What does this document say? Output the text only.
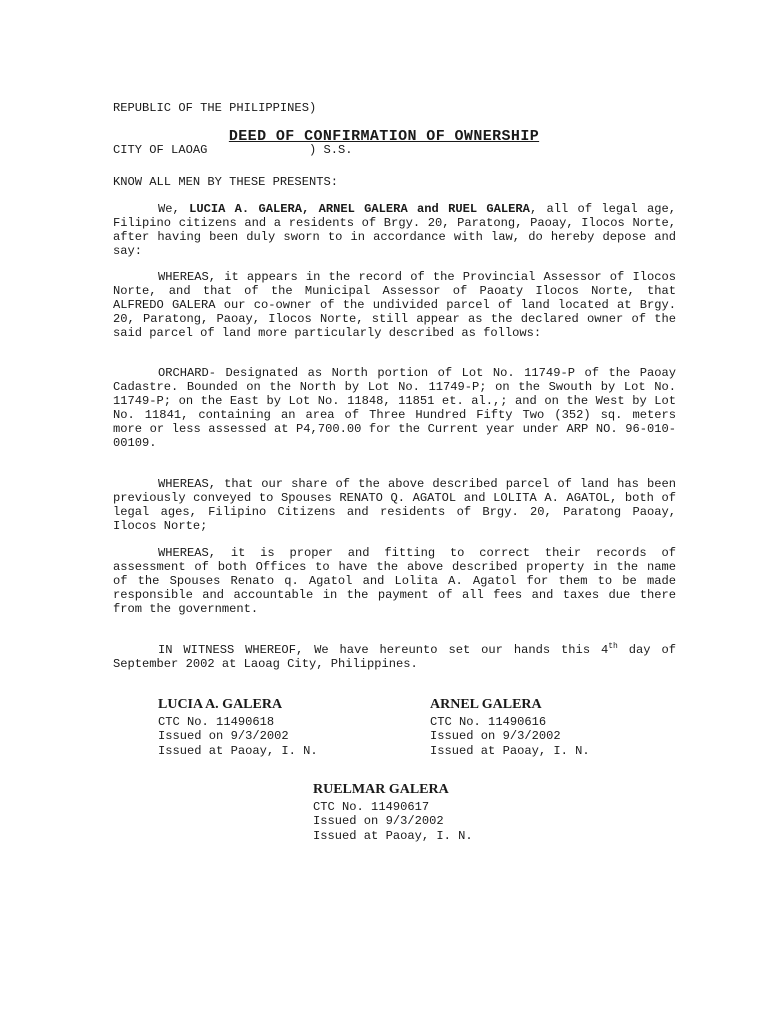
REPUBLIC OF THE PHILIPPINES)

CITY OF LAOAG              ) S.S.

DEED OF CONFIRMATION OF OWNERSHIP
KNOW ALL MEN BY THESE PRESENTS:

We, LUCIA A. GALERA, ARNEL GALERA and RUEL GALERA, all of legal age, Filipino citizens and a residents of Brgy. 20, Paratong, Paoay, Ilocos Norte, after having been duly sworn to in accordance with law, do hereby depose and say:

WHEREAS, it appears in the record of the Provincial Assessor of Ilocos Norte, and that of the Municipal Assessor of Paoaty Ilocos Norte, that ALFREDO GALERA our co-owner of the undivided parcel of land located at Brgy. 20, Paratong, Paoay, Ilocos Norte, still appear as the declared owner of the said parcel of land more particularly described as follows:

ORCHARD- Designated as North portion of Lot No. 11749-P of the Paoay Cadastre. Bounded on the North by Lot No. 11749-P; on the Swouth by Lot No. 11749-P; on the East by Lot No. 11848, 11851 et. al.,; and on the West by Lot No. 11841, containing an area of Three Hundred Fifty Two (352) sq. meters more or less assessed at P4,700.00 for the Current year under ARP NO. 96-010-00109.

WHEREAS, that our share of the above described parcel of land has been previously conveyed to Spouses RENATO Q. AGATOL and LOLITA A. AGATOL, both of legal ages, Filipino Citizens and residents of Brgy. 20, Paratong Paoay, Ilocos Norte;

WHEREAS, it is proper and fitting to correct their records of assessment of both Offices to have the above described property in the name of the Spouses Renato q. Agatol and Lolita A. Agatol for them to be made responsible and accountable in the payment of all fees and taxes due there from the government.

IN WITNESS WHEREOF, We have hereunto set our hands this 4th day of September 2002 at Laoag City, Philippines.

LUCIA A. GALERA
CTC No. 11490618
Issued on 9/3/2002
Issued at Paoay, I. N.
ARNEL GALERA
CTC No. 11490616
Issued on 9/3/2002
Issued at Paoay, I. N.
RUELMAR GALERA
CTC No. 11490617
Issued on 9/3/2002
Issued at Paoay, I. N.
